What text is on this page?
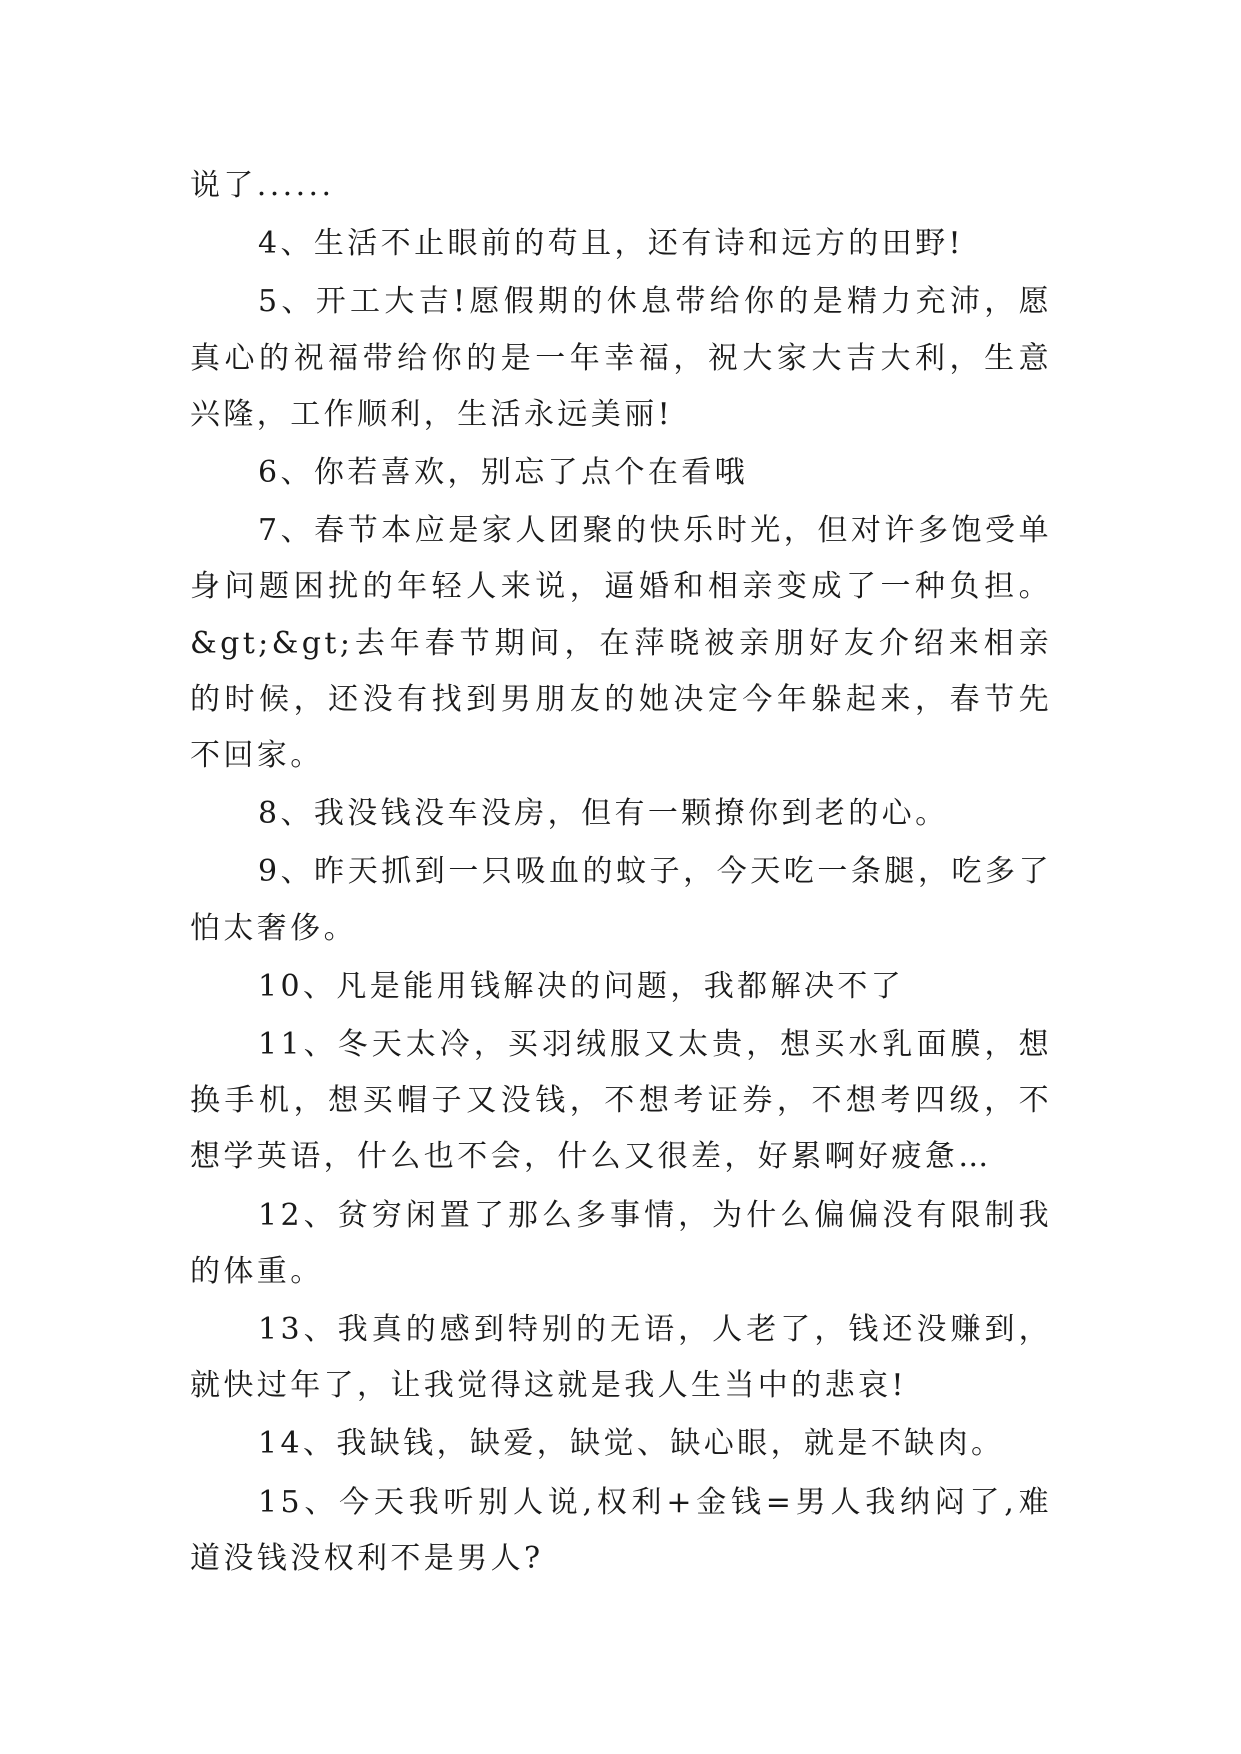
说了......

4、生活不止眼前的苟且，还有诗和远方的田野!

5、开工大吉!愿假期的休息带给你的是精力充沛，愿真心的祝福带给你的是一年幸福，祝大家大吉大利，生意兴隆，工作顺利，生活永远美丽!

6、你若喜欢，别忘了点个在看哦

7、春节本应是家人团聚的快乐时光，但对许多饱受单身问题困扰的年轻人来说，逼婚和相亲变成了一种负担。&gt;&gt;去年春节期间，在萍晓被亲朋好友介绍来相亲的时候，还没有找到男朋友的她决定今年躲起来，春节先不回家。

8、我没钱没车没房，但有一颗撩你到老的心。

9、昨天抓到一只吸血的蚊子，今天吃一条腿，吃多了怕太奢侈。

10、凡是能用钱解决的问题，我都解决不了

11、冬天太冷，买羽绒服又太贵，想买水乳面膜，想换手机，想买帽子又没钱，不想考证券，不想考四级，不想学英语，什么也不会，什么又很差，好累啊好疲惫…

12、贫穷闲置了那么多事情，为什么偏偏没有限制我的体重。

13、我真的感到特别的无语，人老了，钱还没赚到，就快过年了，让我觉得这就是我人生当中的悲哀!

14、我缺钱，缺爱，缺觉、缺心眼，就是不缺肉。

15、今天我听别人说,权利+金钱=男人我纳闷了,难道没钱没权利不是男人?
